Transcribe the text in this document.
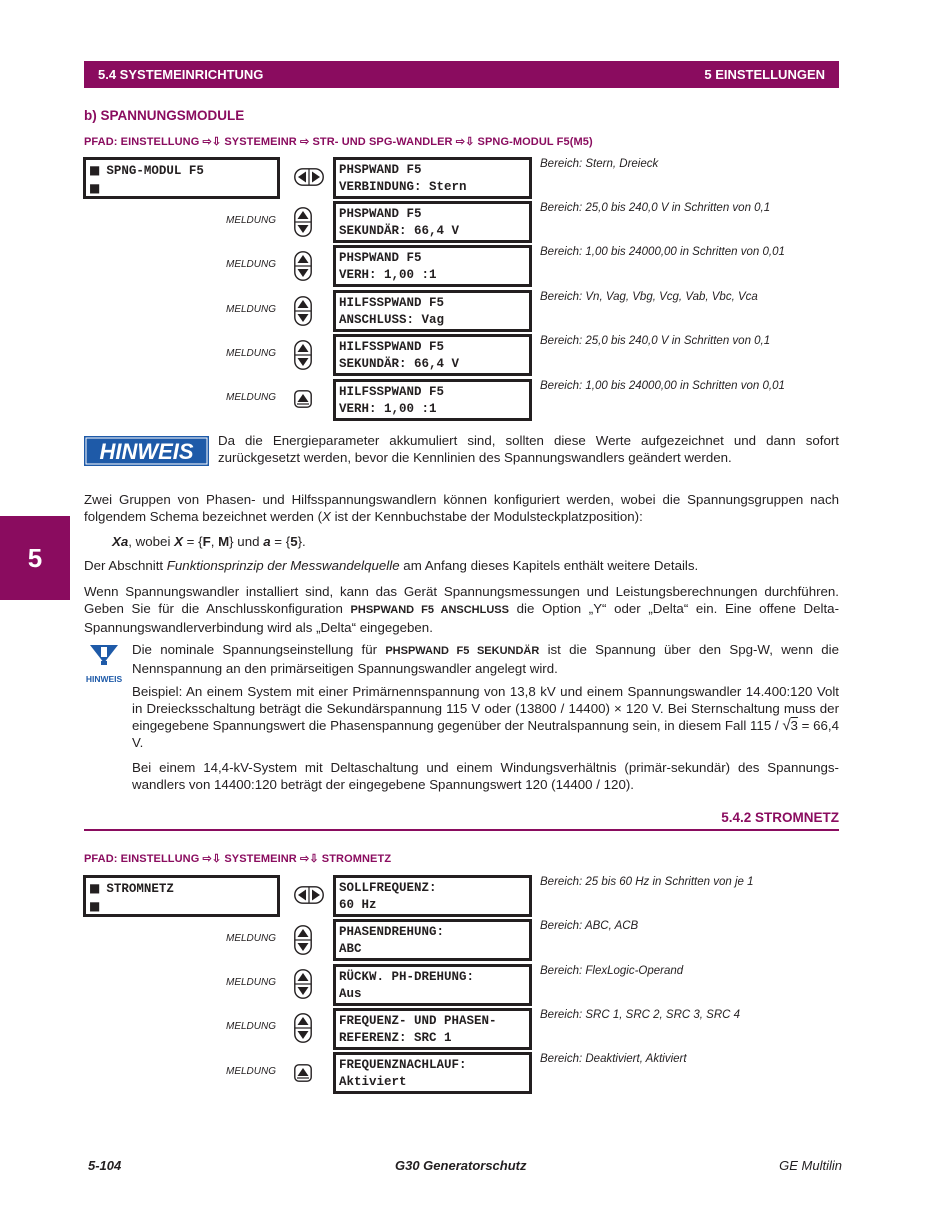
5.4 SYSTEMEINRICHTUNG	5 EINSTELLUNGEN
b) SPANNUNGSMODULE
PFAD: EINSTELLUNG ⇨⇩ SYSTEMEINR ⇨ STR- UND SPG-WANDLER ⇨⇩ SPNG-MODUL F5(M5)
■ SPNG-MODUL F5
■	PHSPWAND F5
VERBINDUNG: Stern
Bereich: Stern, Dreieck
MELDUNG	PHSPWAND F5
SEKUNDÄR: 66,4 V
Bereich: 25,0 bis 240,0 V in Schritten von 0,1
MELDUNG	PHSPWAND F5
VERH: 1,00 :1
Bereich: 1,00 bis 24000,00 in Schritten von 0,01
MELDUNG	HILFSSPWAND F5
ANSCHLUSS: Vag
Bereich: Vn, Vag, Vbg, Vcg, Vab, Vbc, Vca
MELDUNG	HILFSSPWAND F5
SEKUNDÄR: 66,4 V
Bereich: 25,0 bis 240,0 V in Schritten von 0,1
MELDUNG	HILFSSPWAND F5
VERH: 1,00 :1
Bereich: 1,00 bis 24000,00 in Schritten von 0,01
HINWEIS Da die Energieparameter akkumuliert sind, sollten diese Werte aufgezeichnet und dann sofort zurückgesetzt werden, bevor die Kennlinien des Spannungswandlers geändert werden.
Zwei Gruppen von Phasen- und Hilfsspannungswandlern können konfiguriert werden, wobei die Spannungsgruppen nach folgendem Schema bezeichnet werden (X ist der Kennbuchstabe der Modulsteckplatzposition):
Xa, wobei X = {F, M} und a = {5}.
Der Abschnitt Funktionsprinzip der Messwandelquelle am Anfang dieses Kapitels enthält weitere Details.
Wenn Spannungswandler installiert sind, kann das Gerät Spannungsmessungen und Leistungsberechnungen durchführen. Geben Sie für die Anschlusskonfiguration PHSPWAND F5 ANSCHLUSS die Option „Y“ oder „Delta“ ein. Eine offene Delta-Spannungswandlerverbindung wird als „Delta“ eingegeben.
5
HINWEIS
Die nominale Spannungseinstellung für PHSPWAND F5 SEKUNDÄR ist die Spannung über den Spg-W, wenn die Nennspannung an den primärseitigen Spannungswandler angelegt wird.
Beispiel: An einem System mit einer Primärnennspannung von 13,8 kV und einem Spannungswandler 14.400:120 Volt in Dreiecksschaltung beträgt die Sekundärspannung 115 V oder (13800 / 14400) × 120 V. Bei Sternschaltung muss der eingegebene Spannungswert die Phasenspannung gegenüber der Neutralspannung sein, in diesem Fall 115 / √3 = 66,4 V.
Bei einem 14,4-kV-System mit Deltaschaltung und einem Windungsverhältnis (primär-sekundär) des Spannungs-wandlers von 14400:120 beträgt der eingegebene Spannungswert 120 (14400 / 120).
5.4.2 STROMNETZ
PFAD: EINSTELLUNG ⇨⇩ SYSTEMEINR ⇨⇩ STROMNETZ
■ STROMNETZ
■	SOLLFREQUENZ:
60 Hz
Bereich: 25 bis 60 Hz in Schritten von je 1
MELDUNG	PHASENDREHUNG:
ABC
Bereich: ABC, ACB
MELDUNG	RÜCKW. PH-DREHUNG:
Aus
Bereich: FlexLogic-Operand
MELDUNG	FREQUENZ- UND PHASEN-
REFERENZ: SRC 1
Bereich: SRC 1, SRC 2, SRC 3, SRC 4
MELDUNG	FREQUENZNACHLAUF:
Aktiviert
Bereich: Deaktiviert, Aktiviert
5-104	G30 Generatorschutz	GE Multilin
